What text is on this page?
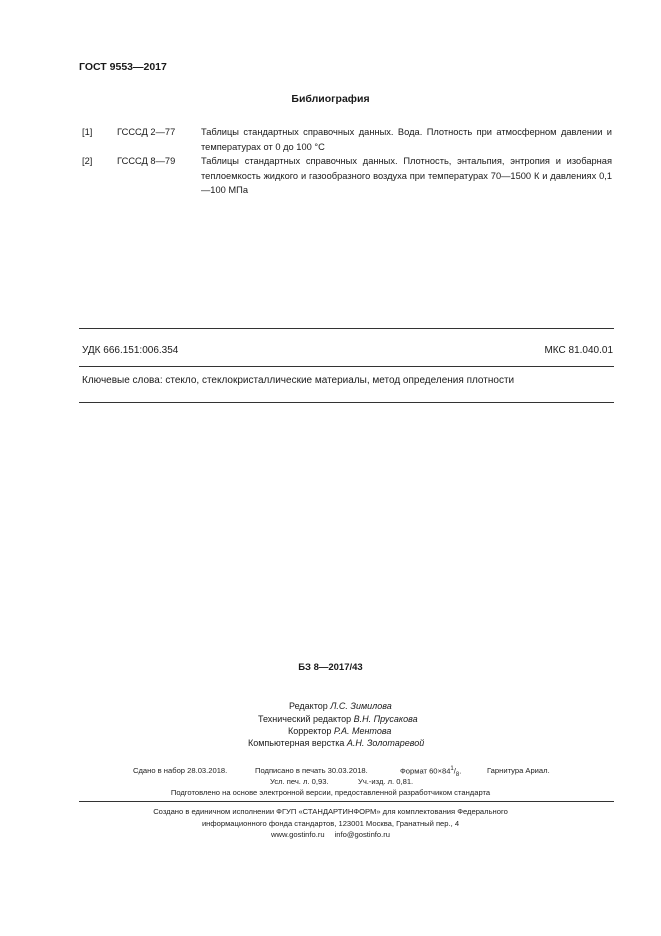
ГОСТ 9553—2017
Библиография
[1]	ГСССД 2—77	Таблицы стандартных справочных данных. Вода. Плотность при атмосферном давлении и температурах от 0 до 100 °C
[2]	ГСССД 8—79	Таблицы стандартных справочных данных. Плотность, энтальпия, энтропия и изобарная теплоемкость жидкого и газообразного воздуха при температурах 70—1500 К и давлениях 0,1—100 МПа
УДК 666.151:006.354	МКС 81.040.01
Ключевые слова: стекло, стеклокристаллические материалы, метод определения плотности
БЗ 8—2017/43
Редактор Л.С. Зимилова
Технический редактор В.Н. Прусакова
Корректор Р.А. Ментова
Компьютерная верстка А.Н. Золотаревой
Сдано в набор 28.03.2018.	Подписано в печать 30.03.2018.	Формат $60\times 84^1/_8$.	Гарнитура Ариал.
Усл. печ. л. 0,93.	Уч.-изд. л. 0,81.
Подготовлено на основе электронной версии, предоставленной разработчиком стандарта
Создано в единичном исполнении ФГУП «СТАНДАРТИНФОРМ» для комплектования Федерального
информационного фонда стандартов, 123001 Москва, Гранатный пер., 4
www.gostinfo.ru info@gostinfo.ru
